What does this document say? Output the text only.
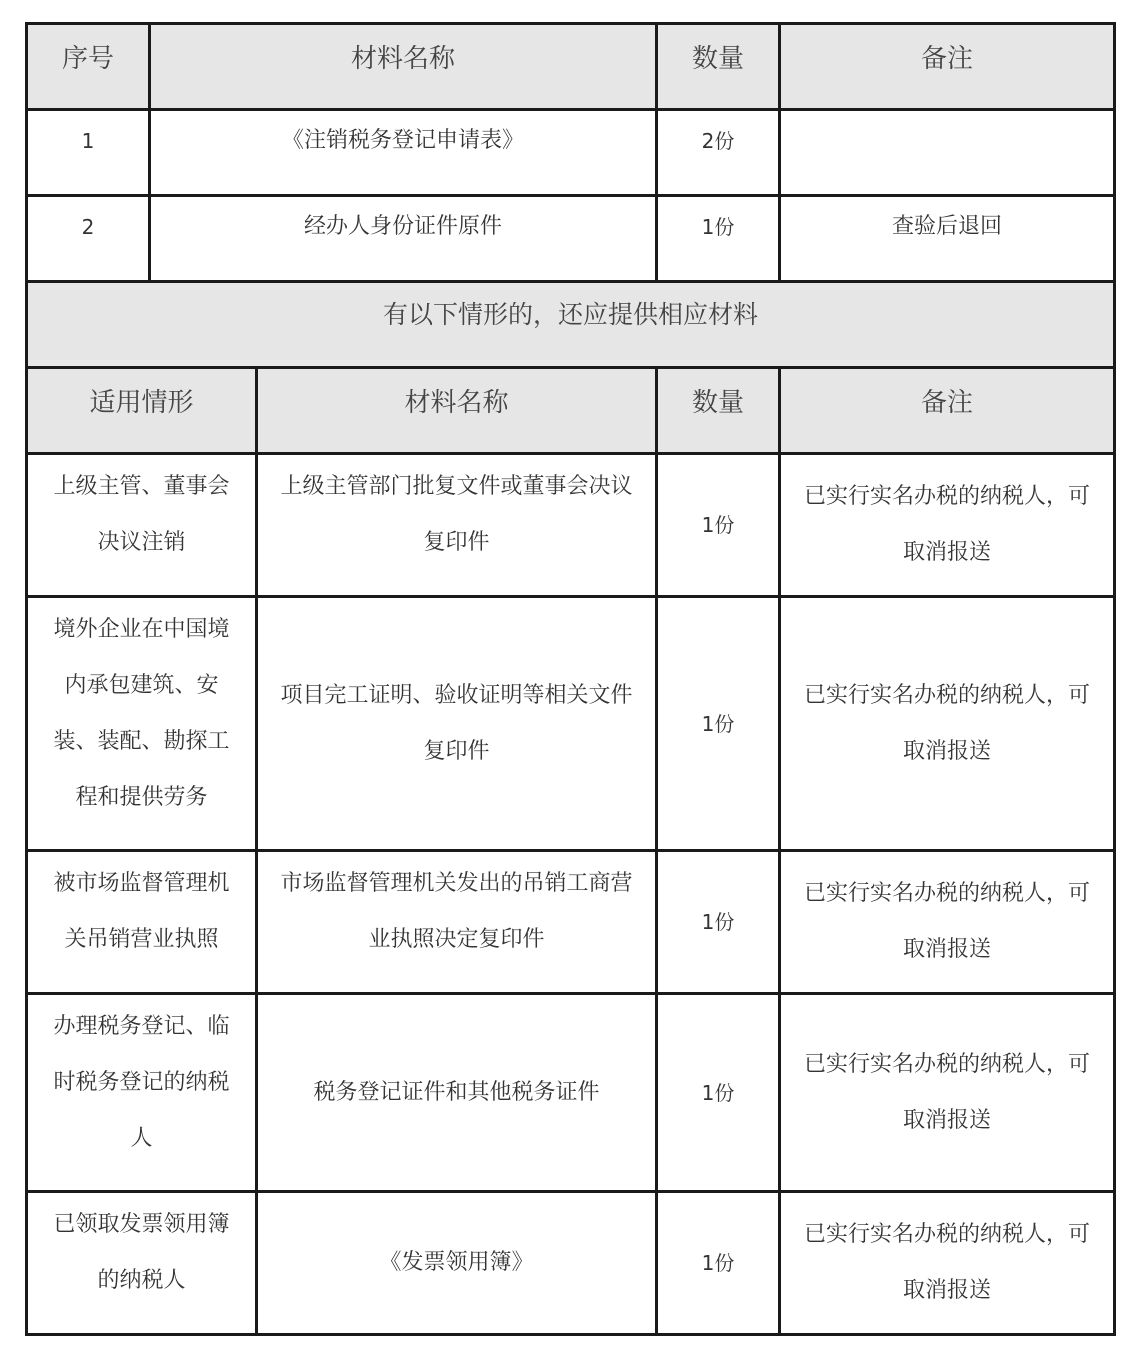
序号	材料名称		数量	备注
1	《注销税务登记申请表》		2份	
2	经办人身份证件原件		1份	查验后退回
有以下情形的，还应提供相应材料				
适用情形		材料名称	数量	备注
上级主管、董事会决议注销		上级主管部门批复文件或董事会决议复印件	1份	已实行实名办税的纳税人，可取消报送
境外企业在中国境内承包建筑、安装、装配、勘探工程和提供劳务		项目完工证明、验收证明等相关文件复印件	1份	已实行实名办税的纳税人，可取消报送
被市场监督管理机关吊销营业执照		市场监督管理机关发出的吊销工商营业执照决定复印件	1份	已实行实名办税的纳税人，可取消报送
办理税务登记、临时税务登记的纳税人		税务登记证件和其他税务证件	1份	已实行实名办税的纳税人，可取消报送
已领取发票领用簿的纳税人		《发票领用簿》	1份	已实行实名办税的纳税人，可取消报送
